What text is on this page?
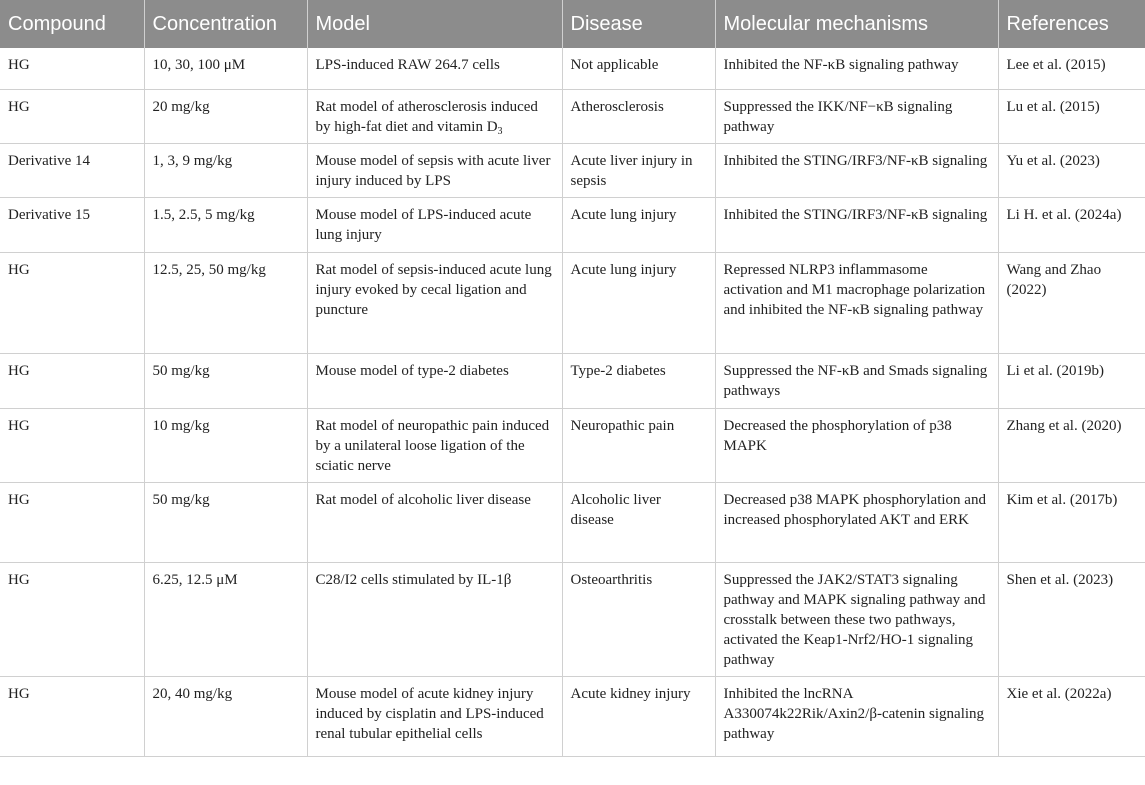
Compound	Concentration	Model	Disease	Molecular mechanisms	References
HG	10, 30, 100 μM	LPS-induced RAW 264.7 cells	Not applicable	Inhibited the NF-κB signaling pathway	Lee et al. (2015)
HG	20 mg/kg	Rat model of atherosclerosis induced by high-fat diet and vitamin $D_3$	Atherosclerosis	Suppressed the IKK/NF−κB signaling pathway	Lu et al. (2015)
Derivative 14	1, 3, 9 mg/kg	Mouse model of sepsis with acute liver injury induced by LPS	Acute liver injury in sepsis	Inhibited the STING/IRF3/NF-κB signaling	Yu et al. (2023)
Derivative 15	1.5, 2.5, 5 mg/kg	Mouse model of LPS-induced acute lung injury	Acute lung injury	Inhibited the STING/IRF3/NF-κB signaling	Li H. et al. (2024a)
HG	12.5, 25, 50 mg/kg	Rat model of sepsis-induced acute lung injury evoked by cecal ligation and puncture	Acute lung injury	Repressed NLRP3 inflammasome activation and M1 macrophage polarization and inhibited the NF-κB signaling pathway	Wang and Zhao (2022)
HG	50 mg/kg	Mouse model of type-2 diabetes	Type-2 diabetes	Suppressed the NF-κB and Smads signaling pathways	Li et al. (2019b)
HG	10 mg/kg	Rat model of neuropathic pain induced by a unilateral loose ligation of the sciatic nerve	Neuropathic pain	Decreased the phosphorylation of p38 MAPK	Zhang et al. (2020)
HG	50 mg/kg	Rat model of alcoholic liver disease	Alcoholic liver disease	Decreased p38 MAPK phosphorylation and increased phosphorylated AKT and ERK	Kim et al. (2017b)
HG	6.25, 12.5 μM	C28/I2 cells stimulated by IL-1β	Osteoarthritis	Suppressed the JAK2/STAT3 signaling pathway and MAPK signaling pathway and crosstalk between these two pathways, activated the Keap1-Nrf2/HO-1 signaling pathway	Shen et al. (2023)
HG	20, 40 mg/kg	Mouse model of acute kidney injury induced by cisplatin and LPS-induced renal tubular epithelial cells	Acute kidney injury	Inhibited the lncRNA A330074k22Rik/Axin2/β-catenin signaling pathway	Xie et al. (2022a)
